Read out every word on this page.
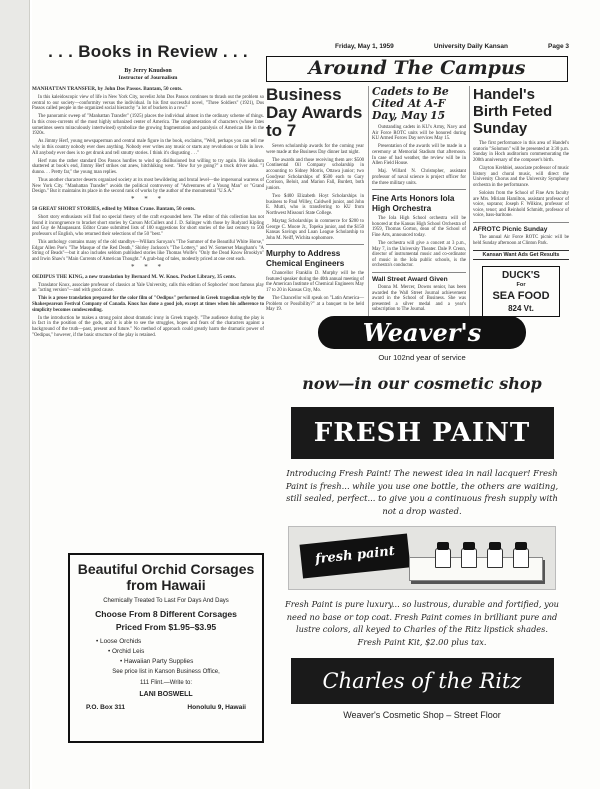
Friday, May 1, 1959	University Daily Kansan	Page 3
. . . Books in Review . . .
By Jerry Knudson
Instructor of Journalism
MANHATTAN TRANSFER, by John Dos Passos. Bantam, 50 cents.

In this kaleidoscopic view of life in New York City, novelist John Dos Passos continues to thrash out the problem so central to our society—conformity versus the individual. In his first successful novel, "Three Soldiers" (1921), Dos Passos called people in the organized social hierarchy "a lot of buckets in a row."

The panoramic sweep of "Manhattan Transfer" (1925) places the individual almost in the ordinary scheme of things. In this cross-currents of the most highly urbanized center of America. The conglomeration of characters (whose fates sometimes seem miraculously intertwined) symbolize the growing fragmentation and paralysis of American life in the 1920s.

As Jimmy Herf, young newspaperman and central male figure in the book, exclaims, "Well, perhaps you can tell me why in this country nobody ever does anything. Nobody ever writes any music or starts any revolutions or falls in love. All anybody ever does is to get drunk and tell smutty stories. I think it's disgusting . . ."

Herf runs the rather standard Dos Passos hurdles to wind up disillusioned but willing to try again. His idealism shattered at book's end, Jimmy Herf strikes out anew, hitchhiking west. "How fur ye going?" a truck driver asks. "I dunno. . . Pretty far," the young man replies.

Thus another character deserts organized society at its most bewildering and brutal level—the impersonal warrens of New York City. "Manhattan Transfer" avoids the political controversy of "Adventures of a Young Man" or "Grand Design." But it maintains its place in the second rank of works by the author of the monumental "U.S.A."

* * *
50 GREAT SHORT STORIES, edited by Milton Crane. Bantam, 50 cents.

Short story enthusiasts will find no special theory of the craft expounded here. The editor of this collection has not found it incongruence to bracket short stories by Carson McCullers and J. D. Salinger with those by Rudyard Kipling and Guy de Maupassant. Editor Crane submitted lists of 100 suggestions for short stories of the last century to 500 professors of English, who returned their selections of the 50 "best."

This anthology contains many of the old standbys—William Saroyan's "The Summer of the Beautiful White Horse," Edgar Allen Poe's "The Masque of the Red Death," Shirley Jackson's "The Lottery," and W. Somerset Maugham's "A String of Beads"—but it also includes seldom published stories like Thomas Wolfe's "Only the Dead Know Brooklyn" and Irwin Shaw's "Main Currents of American Thought." A grab-bag of tales, modestly priced at one cent each.

* * *
OEDIPUS THE KING, a new translation by Bernard M. W. Knox. Pocket Library, 35 cents.

Translator Knox, associate professor of classics at Yale University, calls this edition of Sophocles' most famous play an "acting version"—and with good cause.

This is a prose translation prepared for the color film of "Oedipus" performed in Greek tragedian style by the Shakespearean Festival Company of Canada. Knox has done a good job, except at times when his adherence to simplicity becomes condescending.

In the introduction he makes a strong point about dramatic irony in Greek tragedy. "The audience during the play is in fact in the position of the gods, and it is able to see the struggles, hopes and fears of the characters against a background of the truth—past, present and future." No method of approach could greatly harm the dramatic power of "Oedipus," however, if the basic structure of the play is retained.

Beautiful Orchid Corsages from Hawaii
Chemically Treated To Last For Days And Days
Choose From 8 Different Corsages
Priced From $1.95–$3.95
• Loose Orchids
• Orchid Leis
• Hawaiian Party Supplies
See price list in Kanson Business Office,
111 Flint.—Write to:
LANI BOSWELL
P.O. Box 311	Honolulu 9, Hawaii
Around The Campus
Business Day Awards to 7

Seven scholarship awards for the coming year were made at the Business Day dinner last night.

The awards and those receiving them are: $500 Continental Oil Company scholarship in accounting to Sidney Morris, Ottawa junior; two Goodyear Scholarships of $500 each to Gary Corrison, Beloit, and Marion Fall, Burdett, both juniors.

Two $400 Elizabeth Hoyt Scholarships in business to Paul Willey, Caldwell junior, and John E. Mutti, who is transferring to KU from Northwest Missouri State College.

Maytag Scholarships in commerce for $200 to George C. Moore Jr., Topeka junior, and the $150 Kansas Savings and Loan League Scholarship to John M. Neiff, Wichita sophomore.

Murphy to Address Chemical Engineers

Chancellor Franklin D. Murphy will be the featured speaker during the 40th annual meeting of the American Institute of Chemical Engineers May 17 to 20 in Kansas City, Mo.

The Chancellor will speak on "Latin America—Problem or Possibility?" at a banquet to be held May 19.

Cadets to Be Cited At A-F Day, May 15

Outstanding cadets in KU's Army, Navy and Air Force ROTC units will be honored during KU Armed Forces Day services May 15.

Presentation of the awards will be made in a ceremony at Memorial Stadium that afternoon. In case of bad weather, the review will be in Allen Field House.

Maj. Willard N. Christopher, assistant professor of naval science is project officer for the three military units.

Fine Arts Honors Iola High Orchestra

The Iola High School orchestra will be honored at the Kansas High School Orchestra of 1959, Thomas Gorton, dean of the School of Fine Arts, announced today.

The orchestra will give a concert at 3 p.m., May 7, in the University Theater. Dale P. Crenn, director of instrumental music and co-ordinator of music in the Iola public schools, is the orchestra's conductor.

Wall Street Award Given

Donna M. Mercer, Downs senior, has been awarded the Wall Street Journal achievement award in the School of Business. She was presented a silver medal and a year's subscription to The Journal.

Handel's Birth Feted Sunday

The first performance in this area of Handel's oratorio "Solomon" will be presented at 3:30 p.m. Sunday in Hoch auditorium commemorating the 200th anniversary of the composer's birth.

Clayton Krehbiel, associate professor of music history and choral music, will direct the University Chorus and the University Symphony orchestra in the performance.

Soloists from the School of Fine Arts faculty are Mrs. Miriam Hamilton, assistant professor of voice, soprano; Joseph F. Wilkins, professor of voice, tenor; and Reinhold Schmidt, professor of voice, bass-baritone.

AFROTC Picnic Sunday

The annual Air Force ROTC picnic will be held Sunday afternoon at Clinton Park.

Kansan Want Ads Get Results
DUCK'S
For
SEA FOOD
824 Vt.
Weaver's
Our 102nd year of service
now—in our cosmetic shop
FRESH PAINT
Introducing Fresh Paint! The newest idea in nail lacquer! Fresh Paint is fresh... while you use one bottle, the others are waiting, still sealed, perfect... to give you a continuous fresh supply with not a drop wasted.
fresh paint
Fresh Paint is pure luxury... so lustrous, durable and fortified, you need no base or top coat. Fresh Paint comes in brilliant pure and lustre colors, all keyed to Charles of the Ritz lipstick shades. Fresh Paint Kit, $2.00 plus tax.
Charles of the Ritz
Weaver's Cosmetic Shop – Street Floor
